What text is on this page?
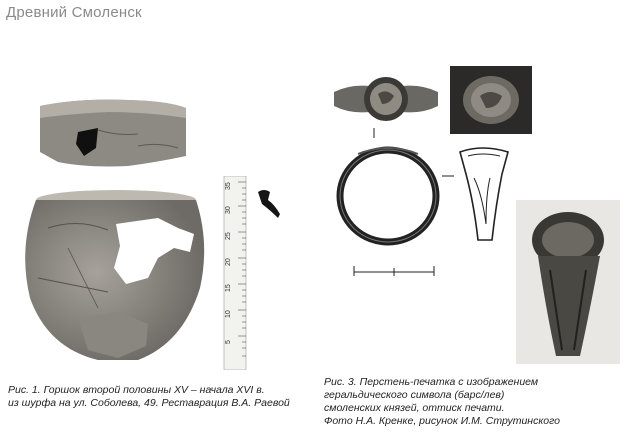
Древний Смоленск
35
30
25
20
15
10
5
Рис. 1. Горшок второй половины XV – начала XVI в.
из шурфа на ул. Соболева, 49. Реставрация В.А. Раевой
Рис. 3. Перстень-печатка с изображением
геральдического символа (барс/лев)
смоленских князей, оттиск печати.
Фото Н.А. Кренке, рисунок И.М. Струтинского
